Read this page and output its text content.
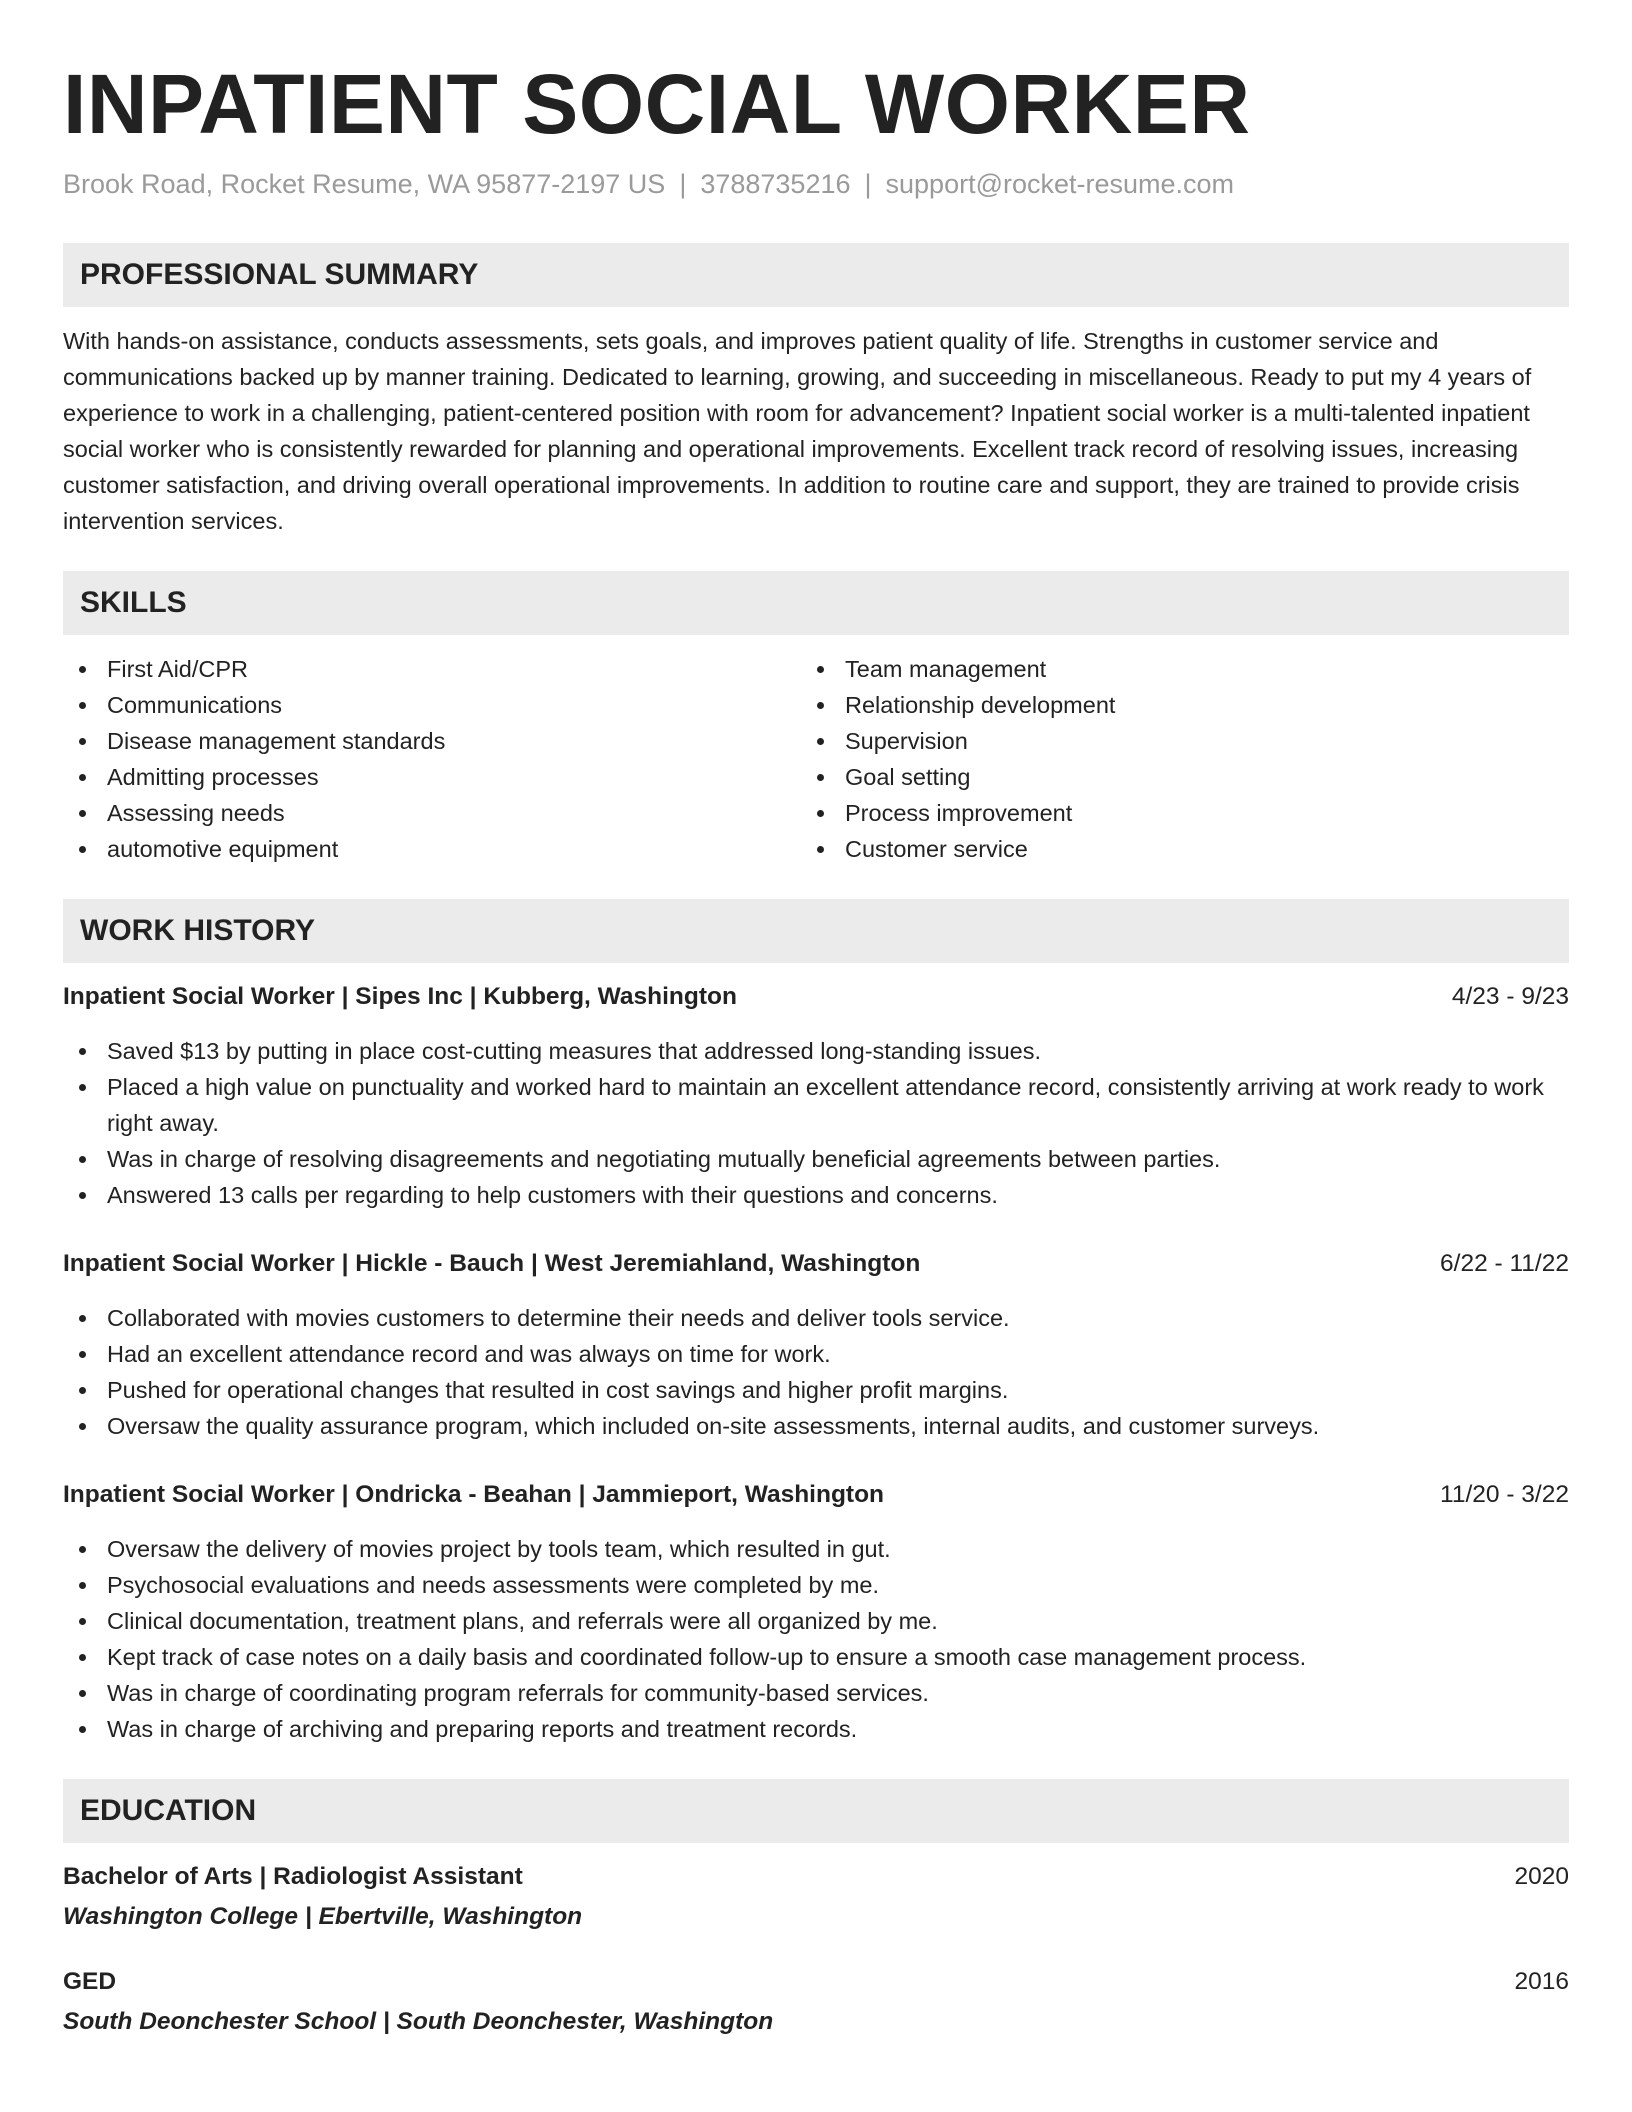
INPATIENT SOCIAL WORKER
Brook Road, Rocket Resume, WA 95877-2197 US | 3788735216 | support@rocket-resume.com
PROFESSIONAL SUMMARY
With hands-on assistance, conducts assessments, sets goals, and improves patient quality of life. Strengths in customer service and communications backed up by manner training. Dedicated to learning, growing, and succeeding in miscellaneous. Ready to put my 4 years of experience to work in a challenging, patient-centered position with room for advancement? Inpatient social worker is a multi-talented inpatient social worker who is consistently rewarded for planning and operational improvements. Excellent track record of resolving issues, increasing customer satisfaction, and driving overall operational improvements. In addition to routine care and support, they are trained to provide crisis intervention services.
SKILLS
First Aid/CPR
Communications
Disease management standards
Admitting processes
Assessing needs
automotive equipment
Team management
Relationship development
Supervision
Goal setting
Process improvement
Customer service
WORK HISTORY
Inpatient Social Worker | Sipes Inc | Kubberg, Washington	4/23 - 9/23
Saved $13 by putting in place cost-cutting measures that addressed long-standing issues.
Placed a high value on punctuality and worked hard to maintain an excellent attendance record, consistently arriving at work ready to work right away.
Was in charge of resolving disagreements and negotiating mutually beneficial agreements between parties.
Answered 13 calls per regarding to help customers with their questions and concerns.
Inpatient Social Worker | Hickle - Bauch | West Jeremiahland, Washington	6/22 - 11/22
Collaborated with movies customers to determine their needs and deliver tools service.
Had an excellent attendance record and was always on time for work.
Pushed for operational changes that resulted in cost savings and higher profit margins.
Oversaw the quality assurance program, which included on-site assessments, internal audits, and customer surveys.
Inpatient Social Worker | Ondricka - Beahan | Jammieport, Washington	11/20 - 3/22
Oversaw the delivery of movies project by tools team, which resulted in gut.
Psychosocial evaluations and needs assessments were completed by me.
Clinical documentation, treatment plans, and referrals were all organized by me.
Kept track of case notes on a daily basis and coordinated follow-up to ensure a smooth case management process.
Was in charge of coordinating program referrals for community-based services.
Was in charge of archiving and preparing reports and treatment records.
EDUCATION
Bachelor of Arts | Radiologist Assistant	2020
Washington College | Ebertville, Washington
GED	2016
South Deonchester School | South Deonchester, Washington
